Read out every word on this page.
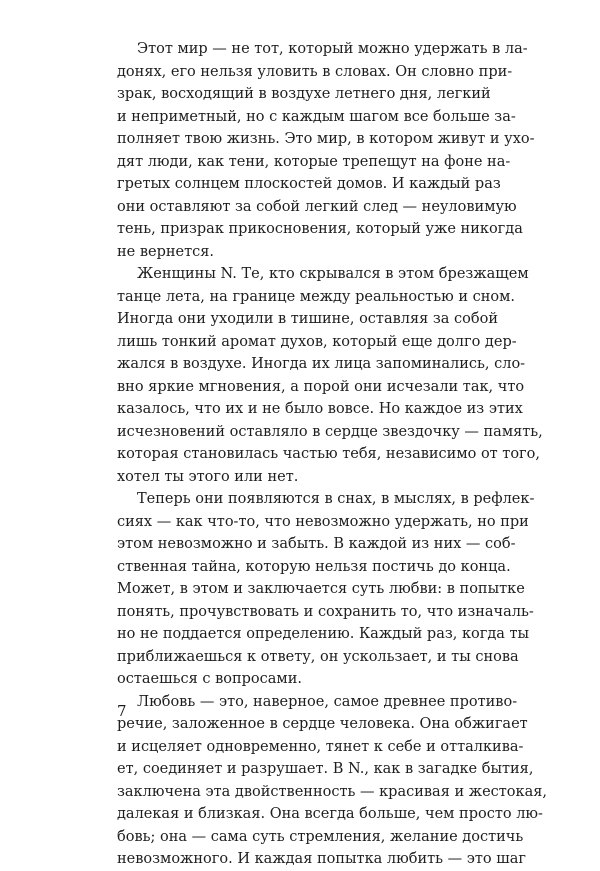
Этот мир — не тот, который можно удержать в ла-
донях, его нельзя уловить в словах. Он словно при-
зрак, восходящий в воздухе летнего дня, легкий
и неприметный, но с каждым шагом все больше за-
полняет твою жизнь. Это мир, в котором живут и ухо-
дят люди, как тени, которые трепещут на фоне на-
гретых солнцем плоскостей домов. И каждый раз
они оставляют за собой легкий след — неуловимую
тень, призрак прикосновения, который уже никогда
не вернется.
Женщины N. Те, кто скрывался в этом брезжащем
танце лета, на границе между реальностью и сном.
Иногда они уходили в тишине, оставляя за собой
лишь тонкий аромат духов, который еще долго дер-
жался в воздухе. Иногда их лица запоминались, сло-
вно яркие мгновения, а порой они исчезали так, что
казалось, что их и не было вовсе. Но каждое из этих
исчезновений оставляло в сердце звездочку — память,
которая становилась частью тебя, независимо от того,
хотел ты этого или нет.
Теперь они появляются в снах, в мыслях, в рефлек-
сиях — как что-то, что невозможно удержать, но при
этом невозможно и забыть. В каждой из них — соб-
ственная тайна, которую нельзя постичь до конца.
Может, в этом и заключается суть любви: в попытке
понять, прочувствовать и сохранить то, что изначаль-
но не поддается определению. Каждый раз, когда ты
приближаешься к ответу, он ускользает, и ты снова
остаешься с вопросами.
Любовь — это, наверное, самое древнее противо-
речие, заложенное в сердце человека. Она обжигает
и исцеляет одновременно, тянет к себе и отталкива-
ет, соединяет и разрушает. В N., как в загадке бытия,
заключена эта двойственность — красивая и жестокая,
далекая и близкая. Она всегда больше, чем просто лю-
бовь; она — сама суть стремления, желание достичь
невозможного. И каждая попытка любить — это шаг
7
